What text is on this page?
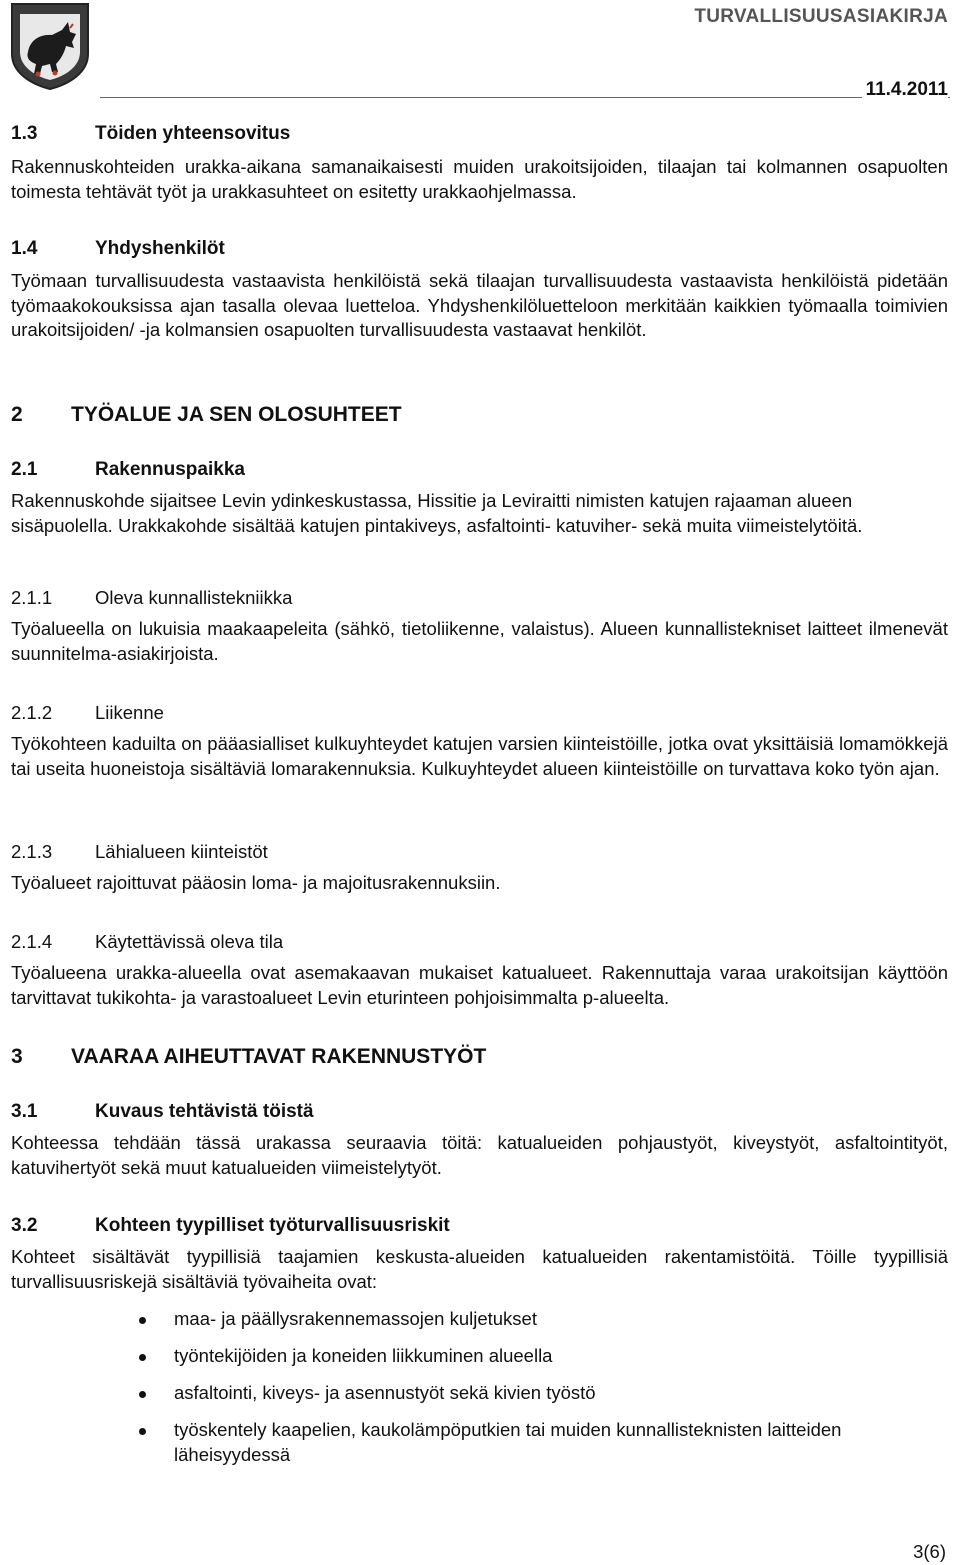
TURVALLISUUSASIAKIRJA
11.4.2011
1.3	Töiden yhteensovitus

Rakennuskohteiden urakka-aikana samanaikaisesti muiden urakoitsijoiden, tilaajan tai kolmannen osapuolten toimesta tehtävät työt ja urakkasuhteet on esitetty urakkaohjelmassa.

1.4	Yhdyshenkilöt

Työmaan turvallisuudesta vastaavista henkilöistä sekä tilaajan turvallisuudesta vastaavista henkilöistä pidetään työmaakokouksissa ajan tasalla olevaa luetteloa. Yhdyshenkilöluetteloon merkitään kaikkien työmaalla toimivien urakoitsijoiden/ -ja kolmansien osapuolten turvallisuudesta vastaavat henkilöt.

2 TYÖALUE JA SEN OLOSUHTEET
2.1	Rakennuspaikka

Rakennuskohde sijaitsee Levin ydinkeskustassa, Hissitie ja Leviraitti nimisten katujen rajaaman alueen sisäpuolella. Urakkakohde sisältää katujen pintakiveys, asfaltointi- katuviher- sekä muita viimeistelytöitä.

2.1.1 Oleva kunnallistekniikka

Työalueella on lukuisia maakaapeleita (sähkö, tietoliikenne, valaistus). Alueen kunnallistekniset laitteet ilmenevät suunnitelma-asiakirjoista.

2.1.2 Liikenne

Työkohteen kaduilta on pääasialliset kulkuyhteydet katujen varsien kiinteistöille, jotka ovat yksittäisiä lomamökkejä tai useita huoneistoja sisältäviä lomarakennuksia. Kulkuyhteydet alueen kiinteistöille on turvattava koko työn ajan.

2.1.3 Lähialueen kiinteistöt

Työalueet rajoittuvat pääosin loma- ja majoitusrakennuksiin.

2.1.4 Käytettävissä oleva tila

Työalueena urakka-alueella ovat asemakaavan mukaiset katualueet. Rakennuttaja varaa urakoitsijan käyttöön tarvittavat tukikohta- ja varastoalueet Levin eturinteen pohjoisimmalta p-alueelta.

3 VAARAA AIHEUTTAVAT RAKENNUSTYÖT
3.1	Kuvaus tehtävistä töistä

Kohteessa tehdään tässä urakassa seuraavia töitä: katualueiden pohjaustyöt, kiveystyöt, asfaltointityöt, katuvihertyöt sekä muut katualueiden viimeistelytyöt.

3.2	Kohteen tyypilliset työturvallisuusriskit

Kohteet sisältävät tyypillisiä taajamien keskusta-alueiden katualueiden rakentamistöitä. Töille tyypillisiä turvallisuusriskejä sisältäviä työvaiheita ovat:

maa- ja päällysrakennemassojen kuljetukset
työntekijöiden ja koneiden liikkuminen alueella
asfaltointi, kiveys- ja asennustyöt sekä kivien työstö
työskentely kaapelien, kaukolämpöputkien tai muiden kunnallisteknisten laitteiden läheisyydessä
3(6)
